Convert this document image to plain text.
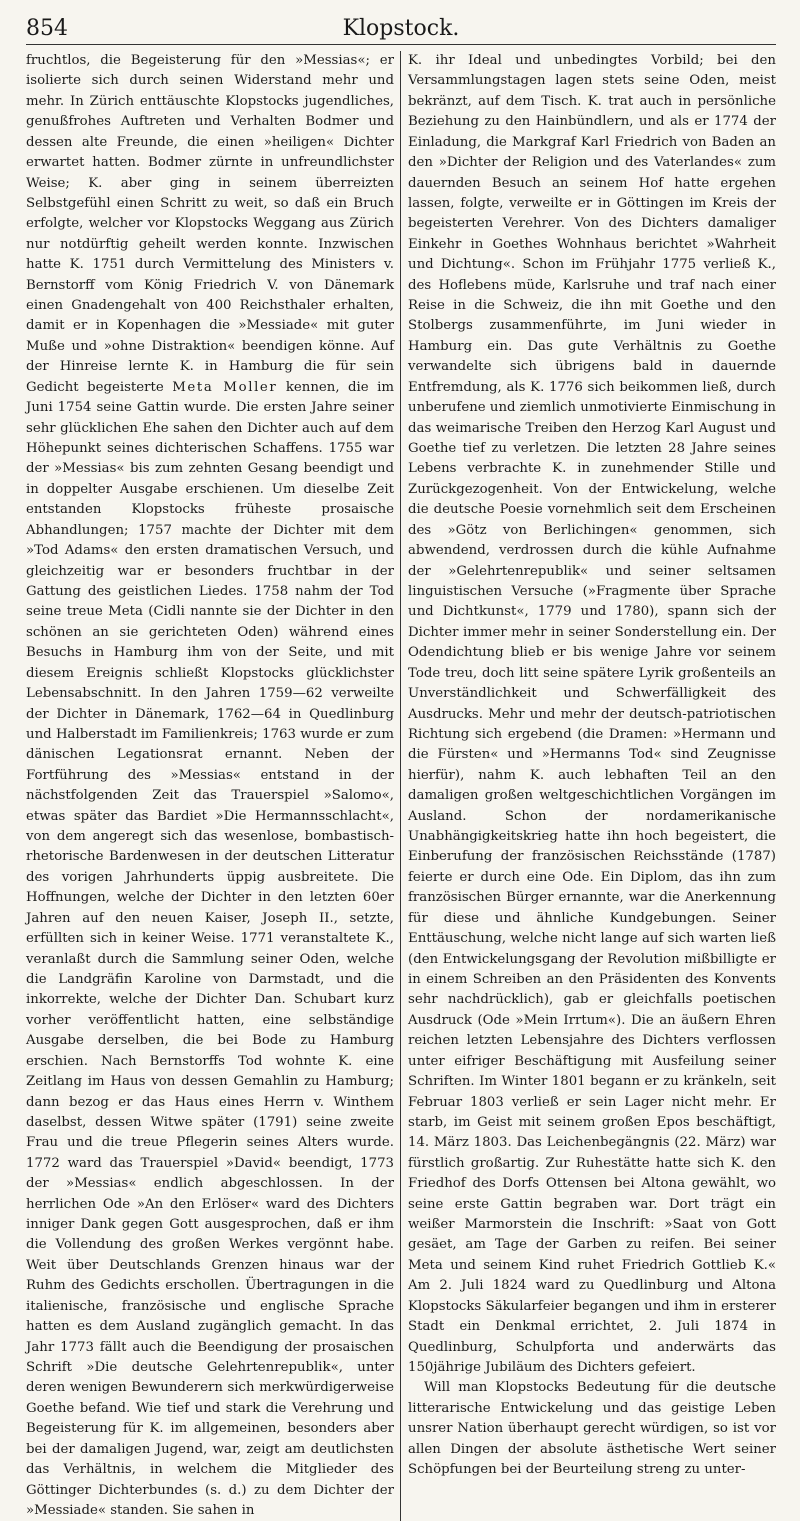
854	Klopstock.

fruchtlos, die Begeisterung für den »Messias«; er isolierte sich durch seinen Widerstand mehr und mehr. In Zürich enttäuschte Klopstocks jugendliches, genußfrohes Auftreten und Verhalten Bodmer und dessen alte Freunde, die einen »heiligen« Dichter erwartet hatten. Bodmer zürnte in unfreundlichster Weise; K. aber ging in seinem überreizten Selbstgefühl einen Schritt zu weit, so daß ein Bruch erfolgte, welcher vor Klopstocks Weggang aus Zürich nur notdürftig geheilt werden konnte. Inzwischen hatte K. 1751 durch Vermittelung des Ministers v. Bernstorff vom König Friedrich V. von Dänemark einen Gnadengehalt von 400 Reichsthaler erhalten, damit er in Kopenhagen die »Messiade« mit guter Muße und »ohne Distraktion« beendigen könne. Auf der Hinreise lernte K. in Hamburg die für sein Gedicht begeisterte Meta Moller kennen, die im Juni 1754 seine Gattin wurde. Die ersten Jahre seiner sehr glücklichen Ehe sahen den Dichter auch auf dem Höhepunkt seines dichterischen Schaffens. 1755 war der »Messias« bis zum zehnten Gesang beendigt und in doppelter Ausgabe erschienen. Um dieselbe Zeit entstanden Klopstocks früheste prosaische Abhandlungen; 1757 machte der Dichter mit dem »Tod Adams« den ersten dramatischen Versuch, und gleichzeitig war er besonders fruchtbar in der Gattung des geistlichen Liedes. 1758 nahm der Tod seine treue Meta (Cidli nannte sie der Dichter in den schönen an sie gerichteten Oden) während eines Besuchs in Hamburg ihm von der Seite, und mit diesem Ereignis schließt Klopstocks glücklichster Lebensabschnitt. In den Jahren 1759—62 verweilte der Dichter in Dänemark, 1762—64 in Quedlinburg und Halberstadt im Familienkreis; 1763 wurde er zum dänischen Legationsrat ernannt. Neben der Fortführung des »Messias« entstand in der nächstfolgenden Zeit das Trauerspiel »Salomo«, etwas später das Bardiet »Die Hermannsschlacht«, von dem angeregt sich das wesenlose, bombastisch-rhetorische Bardenwesen in der deutschen Litteratur des vorigen Jahrhunderts üppig ausbreitete. Die Hoffnungen, welche der Dichter in den letzten 60er Jahren auf den neuen Kaiser, Joseph II., setzte, erfüllten sich in keiner Weise. 1771 veranstaltete K., veranlaßt durch die Sammlung seiner Oden, welche die Landgräfin Karoline von Darmstadt, und die inkorrekte, welche der Dichter Dan. Schubart kurz vorher veröffentlicht hatten, eine selbständige Ausgabe derselben, die bei Bode zu Hamburg erschien. Nach Bernstorffs Tod wohnte K. eine Zeitlang im Haus von dessen Gemahlin zu Hamburg; dann bezog er das Haus eines Herrn v. Winthem daselbst, dessen Witwe später (1791) seine zweite Frau und die treue Pflegerin seines Alters wurde. 1772 ward das Trauerspiel »David« beendigt, 1773 der »Messias« endlich abgeschlossen. In der herrlichen Ode »An den Erlöser« ward des Dichters inniger Dank gegen Gott ausgesprochen, daß er ihm die Vollendung des großen Werkes vergönnt habe. Weit über Deutschlands Grenzen hinaus war der Ruhm des Gedichts erschollen. Übertragungen in die italienische, französische und englische Sprache hatten es dem Ausland zugänglich gemacht. In das Jahr 1773 fällt auch die Beendigung der prosaischen Schrift »Die deutsche Gelehrtenrepublik«, unter deren wenigen Bewunderern sich merkwürdigerweise Goethe befand. Wie tief und stark die Verehrung und Begeisterung für K. im allgemeinen, besonders aber bei der damaligen Jugend, war, zeigt am deutlichsten das Verhältnis, in welchem die Mitglieder des Göttinger Dichterbundes (s. d.) zu dem Dichter der »Messiade« standen. Sie sahen in

K. ihr Ideal und unbedingtes Vorbild; bei den Versammlungstagen lagen stets seine Oden, meist bekränzt, auf dem Tisch. K. trat auch in persönliche Beziehung zu den Hainbündlern, und als er 1774 der Einladung, die Markgraf Karl Friedrich von Baden an den »Dichter der Religion und des Vaterlandes« zum dauernden Besuch an seinem Hof hatte ergehen lassen, folgte, verweilte er in Göttingen im Kreis der begeisterten Verehrer. Von des Dichters damaliger Einkehr in Goethes Wohnhaus berichtet »Wahrheit und Dichtung«. Schon im Frühjahr 1775 verließ K., des Hoflebens müde, Karlsruhe und traf nach einer Reise in die Schweiz, die ihn mit Goethe und den Stolbergs zusammenführte, im Juni wieder in Hamburg ein. Das gute Verhältnis zu Goethe verwandelte sich übrigens bald in dauernde Entfremdung, als K. 1776 sich beikommen ließ, durch unberufene und ziemlich unmotivierte Einmischung in das weimarische Treiben den Herzog Karl August und Goethe tief zu verletzen. Die letzten 28 Jahre seines Lebens verbrachte K. in zunehmender Stille und Zurückgezogenheit. Von der Entwickelung, welche die deutsche Poesie vornehmlich seit dem Erscheinen des »Götz von Berlichingen« genommen, sich abwendend, verdrossen durch die kühle Aufnahme der »Gelehrtenrepublik« und seiner seltsamen linguistischen Versuche (»Fragmente über Sprache und Dichtkunst«, 1779 und 1780), spann sich der Dichter immer mehr in seiner Sonderstellung ein. Der Odendichtung blieb er bis wenige Jahre vor seinem Tode treu, doch litt seine spätere Lyrik großenteils an Unverständlichkeit und Schwerfälligkeit des Ausdrucks. Mehr und mehr der deutsch-patriotischen Richtung sich ergebend (die Dramen: »Hermann und die Fürsten« und »Hermanns Tod« sind Zeugnisse hierfür), nahm K. auch lebhaften Teil an den damaligen großen weltgeschichtlichen Vorgängen im Ausland. Schon der nordamerikanische Unabhängigkeitskrieg hatte ihn hoch begeistert, die Einberufung der französischen Reichsstände (1787) feierte er durch eine Ode. Ein Diplom, das ihn zum französischen Bürger ernannte, war die Anerkennung für diese und ähnliche Kundgebungen. Seiner Enttäuschung, welche nicht lange auf sich warten ließ (den Entwickelungsgang der Revolution mißbilligte er in einem Schreiben an den Präsidenten des Konvents sehr nachdrücklich), gab er gleichfalls poetischen Ausdruck (Ode »Mein Irrtum«). Die an äußern Ehren reichen letzten Lebensjahre des Dichters verflossen unter eifriger Beschäftigung mit Ausfeilung seiner Schriften. Im Winter 1801 begann er zu kränkeln, seit Februar 1803 verließ er sein Lager nicht mehr. Er starb, im Geist mit seinem großen Epos beschäftigt, 14. März 1803. Das Leichenbegängnis (22. März) war fürstlich großartig. Zur Ruhestätte hatte sich K. den Friedhof des Dorfs Ottensen bei Altona gewählt, wo seine erste Gattin begraben war. Dort trägt ein weißer Marmorstein die Inschrift: »Saat von Gott gesäet, am Tage der Garben zu reifen. Bei seiner Meta und seinem Kind ruhet Friedrich Gottlieb K.« Am 2. Juli 1824 ward zu Quedlinburg und Altona Klopstocks Säkularfeier begangen und ihm in ersterer Stadt ein Denkmal errichtet, 2. Juli 1874 in Quedlinburg, Schulpforta und anderwärts das 150jährige Jubiläum des Dichters gefeiert.

Will man Klopstocks Bedeutung für die deutsche litterarische Entwickelung und das geistige Leben unsrer Nation überhaupt gerecht würdigen, so ist vor allen Dingen der absolute ästhetische Wert seiner Schöpfungen bei der Beurteilung streng zu unter-
